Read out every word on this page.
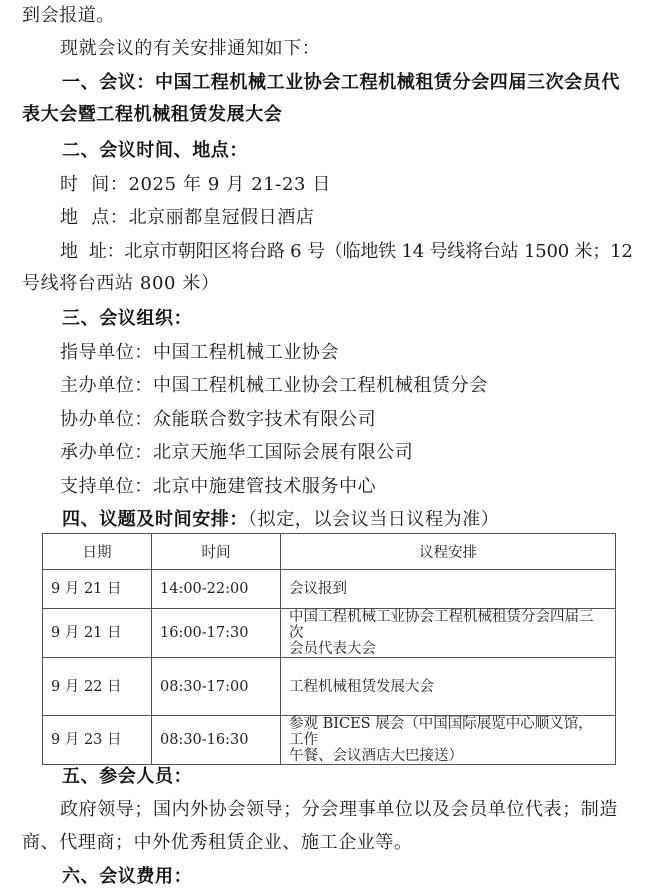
到会报道。
现就会议的有关安排通知如下：
一、会议：中国工程机械工业协会工程机械租赁分会四届三次会员代
表大会暨工程机械租赁发展大会
二、会议时间、地点：
时  间：2025 年 9 月 21-23 日
地  点：北京丽都皇冠假日酒店
地  址：北京市朝阳区将台路 6 号（临地铁 14 号线将台站 1500 米；12
号线将台西站 800 米）
三、会议组织：
指导单位：中国工程机械工业协会
主办单位：中国工程机械工业协会工程机械租赁分会
协办单位：众能联合数字技术有限公司
承办单位：北京天施华工国际会展有限公司
支持单位：北京中施建管技术服务中心
四、议题及时间安排：（拟定，以会议当日议程为准）
日期	时间	议程安排
9 月 21 日	14:00-22:00	会议报到

9 月 21 日	16:00-17:30	中国工程机械工业协会工程机械租赁分会四届三次
会员代表大会

9 月 22 日	08:30-17:00	工程机械租赁发展大会

9 月 23 日	08:30-16:30	参观 BICES 展会（中国国际展览中心顺义馆，工作
午餐、会议酒店大巴接送）
五、参会人员：
政府领导；国内外协会领导；分会理事单位以及会员单位代表；制造
商、代理商；中外优秀租赁企业、施工企业等。
六、会议费用：
